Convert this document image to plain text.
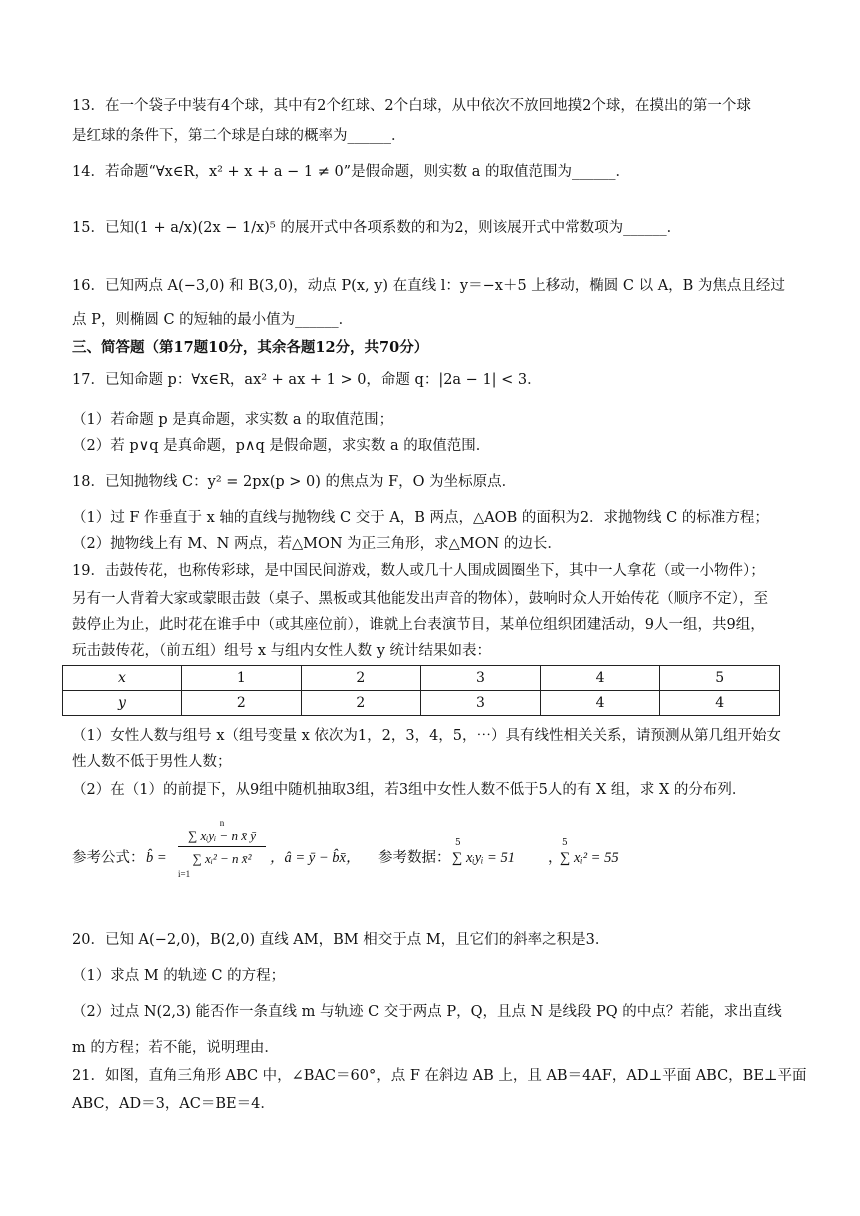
13．在一个袋子中装有4个球，其中有2个红球、2个白球，从中依次不放回地摸2个球，在摸出的第一个球
是红球的条件下，第二个球是白球的概率为______．
14．若命题“∀x∈R，x² + x + a − 1 ≠ 0”是假命题，则实数 a 的取值范围为______．
15．已知(1 + a/x)(2x − 1/x)⁵ 的展开式中各项系数的和为2，则该展开式中常数项为______．
16．已知两点 A(−3,0) 和 B(3,0)，动点 P(x, y) 在直线 l：y＝−x＋5 上移动，椭圆 C 以 A，B 为焦点且经过
点 P，则椭圆 C 的短轴的最小值为______．
三、简答题（第17题10分，其余各题12分，共70分）
17．已知命题 p：∀x∈R，ax² + ax + 1 > 0，命题 q：|2a − 1| < 3．
（1）若命题 p 是真命题，求实数 a 的取值范围；
（2）若 p∨q 是真命题，p∧q 是假命题，求实数 a 的取值范围．
18．已知抛物线 C：y² = 2px(p > 0) 的焦点为 F，O 为坐标原点．
（1）过 F 作垂直于 x 轴的直线与抛物线 C 交于 A，B 两点，△AOB 的面积为2．求抛物线 C 的标准方程；
（2）抛物线上有 M、N 两点，若△MON 为正三角形，求△MON 的边长．
19．击鼓传花，也称传彩球，是中国民间游戏，数人或几十人围成圆圈坐下，其中一人拿花（或一小物件）；
另有一人背着大家或蒙眼击鼓（桌子、黑板或其他能发出声音的物体），鼓响时众人开始传花（顺序不定），至
鼓停止为止，此时花在谁手中（或其座位前），谁就上台表演节目，某单位组织团建活动，9人一组，共9组，
玩击鼓传花，（前五组）组号 x 与组内女性人数 y 统计结果如表：
x	1	2	3	4	5
y	2	2	3	4	4
（1）女性人数与组号 x（组号变量 x 依次为1，2，3，4，5，⋯）具有线性相关关系，请预测从第几组开始女
性人数不低于男性人数；
（2）在（1）的前提下，从9组中随机抽取3组，若3组中女性人数不低于5人的有 X 组，求 X 的分布列．
参考公式： b̂ =
n
∑ xᵢyᵢ − n x̄ ȳ
∑ xᵢ² − n x̄²
i=1
，â = ȳ − b̂x̄， 参考数据： ∑ xᵢyᵢ = 51 ，
∑ xᵢ² = 55
5	5
20．已知 A(−2,0)，B(2,0) 直线 AM，BM 相交于点 M，且它们的斜率之积是3．
（1）求点 M 的轨迹 C 的方程；
（2）过点 N(2,3) 能否作一条直线 m 与轨迹 C 交于两点 P，Q，且点 N 是线段 PQ 的中点？若能，求出直线
m 的方程；若不能，说明理由．
21．如图，直角三角形 ABC 中，∠BAC＝60°，点 F 在斜边 AB 上，且 AB＝4AF，AD⊥平面 ABC，BE⊥平面
ABC，AD＝3，AC＝BE＝4．
